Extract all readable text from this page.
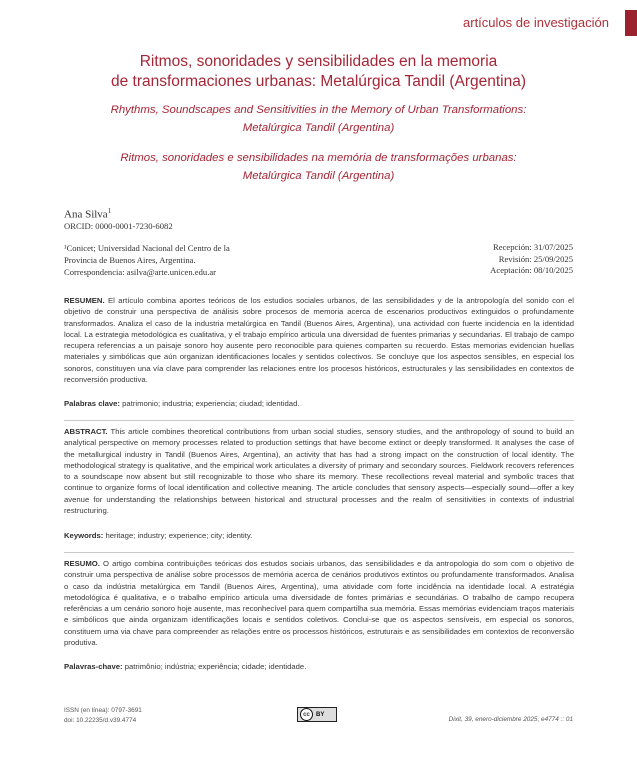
artículos de investigación
Ritmos, sonoridades y sensibilidades en la memoria
de transformaciones urbanas: Metalúrgica Tandil (Argentina)
Rhythms, Soundscapes and Sensitivities in the Memory of Urban Transformations:
Metalúrgica Tandil (Argentina)
Ritmos, sonoridades e sensibilidades na memória de transformações urbanas:
Metalúrgica Tandil (Argentina)
Ana Silva$^1$
ORCID: 0000-0001-7230-6082
¹Conicet; Universidad Nacional del Centro de la
Provincia de Buenos Aires, Argentina.
Correspondencia: asilva@arte.unicen.edu.ar
Recepción: 31/07/2025
Revisión: 25/09/2025
Aceptación: 08/10/2025
RESUMEN. El artículo combina aportes teóricos de los estudios sociales urbanos, de las sensibilidades y de la antropología del sonido con el objetivo de construir una perspectiva de análisis sobre procesos de memoria acerca de escenarios productivos extinguidos o profundamente transformados. Analiza el caso de la industria metalúrgica en Tandil (Buenos Aires, Argentina), una actividad con fuerte incidencia en la identidad local. La estrategia metodológica es cualitativa, y el trabajo empírico articula una diversidad de fuentes primarias y secundarias. El trabajo de campo recupera referencias a un paisaje sonoro hoy ausente pero reconocible para quienes comparten su recuerdo. Estas memorias evidencian huellas materiales y simbólicas que aún organizan identificaciones locales y sentidos colectivos. Se concluye que los aspectos sensibles, en especial los sonoros, constituyen una vía clave para comprender las relaciones entre los procesos históricos, estructurales y las sensibilidades en contextos de reconversión productiva.
Palabras clave: patrimonio; industria; experiencia; ciudad; identidad.
ABSTRACT. This article combines theoretical contributions from urban social studies, sensory studies, and the anthropology of sound to build an analytical perspective on memory processes related to production settings that have become extinct or deeply transformed. It analyses the case of the metallurgical industry in Tandil (Buenos Aires, Argentina), an activity that has had a strong impact on the construction of local identity. The methodological strategy is qualitative, and the empirical work articulates a diversity of primary and secondary sources. Fieldwork recovers references to a soundscape now absent but still recognizable to those who share its memory. These recollections reveal material and symbolic traces that continue to organize forms of local identification and collective meaning. The article concludes that sensory aspects—especially sound—offer a key avenue for understanding the relationships between historical and structural processes and the realm of sensitivities in contexts of industrial restructuring.
Keywords: heritage; industry; experience; city; identity.
RESUMO. O artigo combina contribuições teóricas dos estudos sociais urbanos, das sensibilidades e da antropologia do som com o objetivo de construir uma perspectiva de análise sobre processos de memória acerca de cenários produtivos extintos ou profundamente transformados. Analisa o caso da indústria metalúrgica em Tandil (Buenos Aires, Argentina), uma atividade com forte incidência na identidade local. A estratégia metodológica é qualitativa, e o trabalho empírico articula uma diversidade de fontes primárias e secundárias. O trabalho de campo recupera referências a um cenário sonoro hoje ausente, mas reconhecível para quem compartilha sua memória. Essas memórias evidenciam traços materiais e simbólicos que ainda organizam identificações locais e sentidos coletivos. Conclui-se que os aspectos sensíveis, em especial os sonoros, constituem uma via chave para compreender as relações entre os processos históricos, estruturais e as sensibilidades em contextos de reconversão produtiva.
Palavras-chave: patrimônio; indústria; experiência; cidade; identidade.
ISSN (en línea): 0797-3691
doi: 10.22235/d.v39.4774
cc	BY
Dixit, 39, enero-diciembre 2025, e4774 :: 01
